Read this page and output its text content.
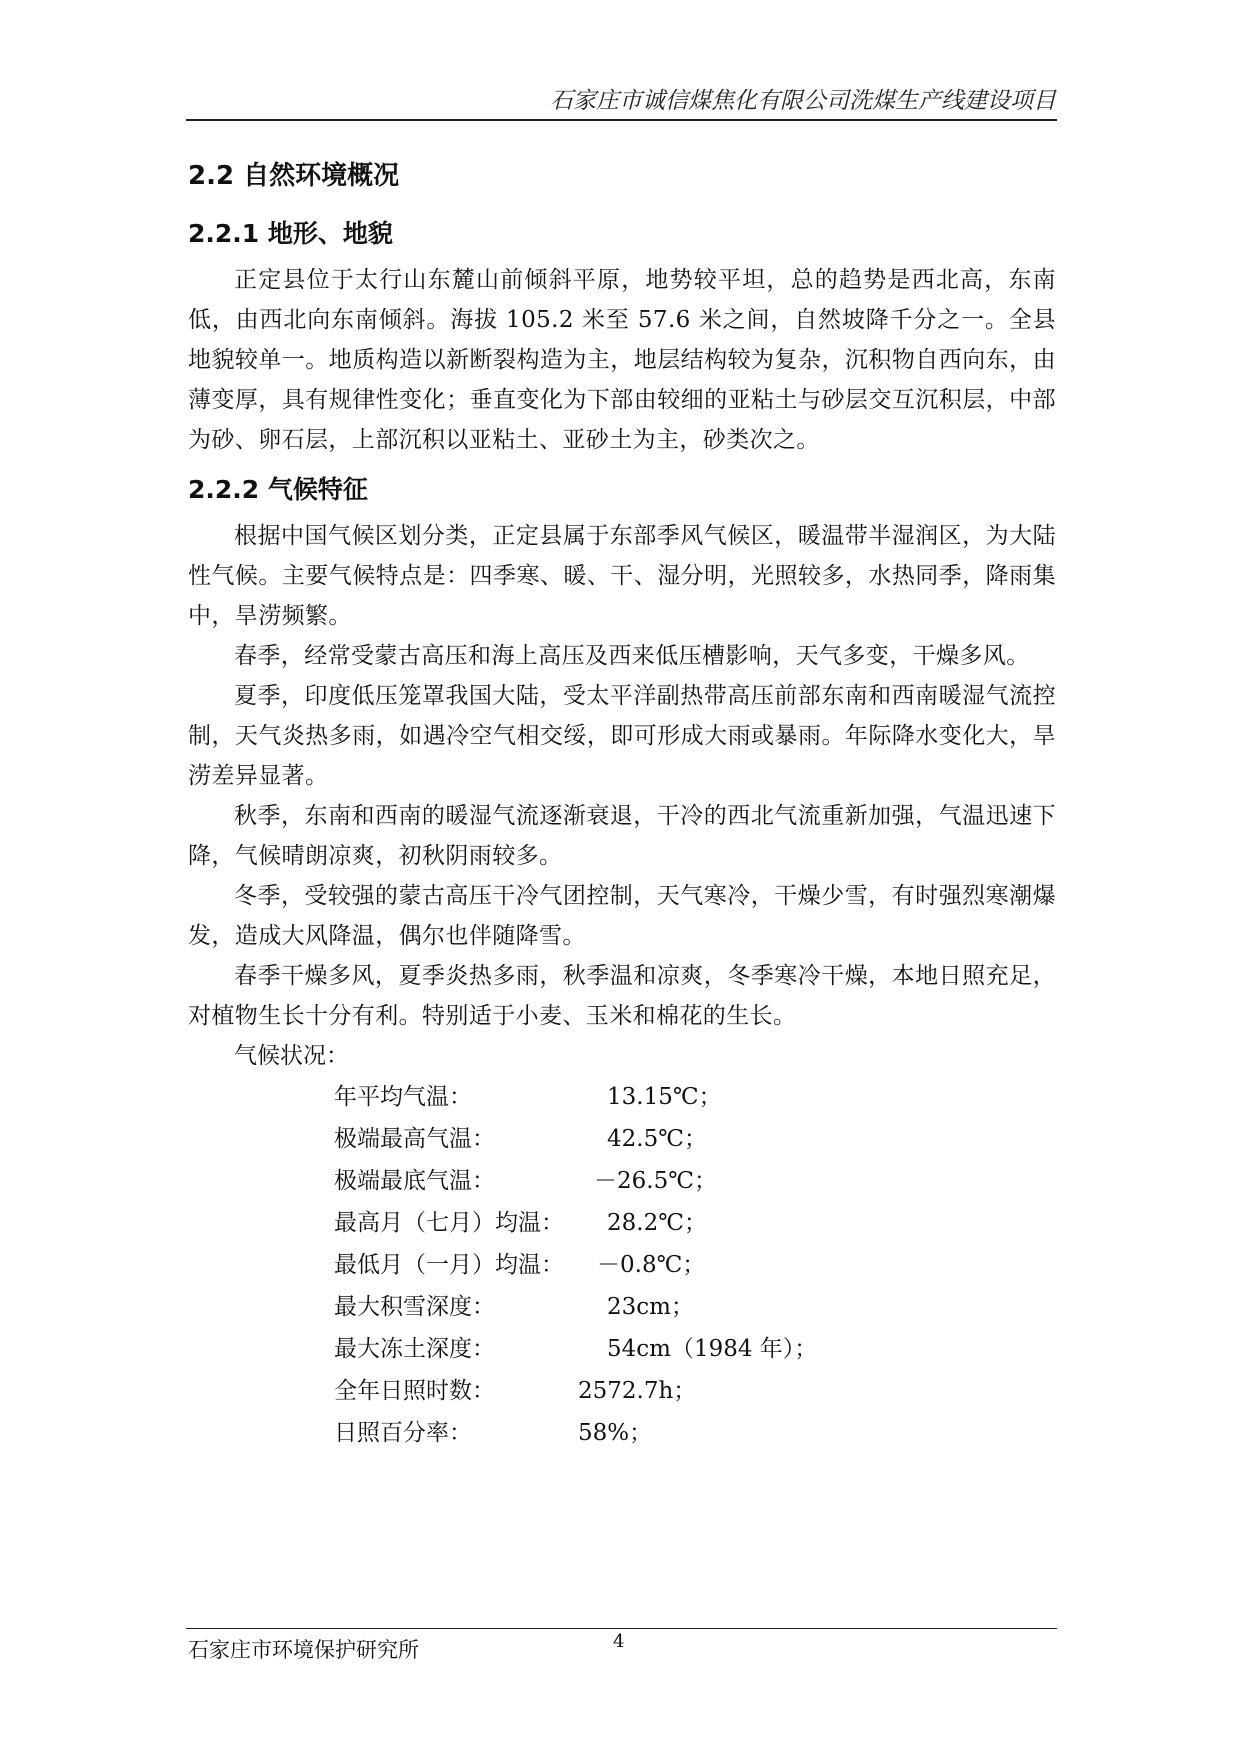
石家庄市诚信煤焦化有限公司洗煤生产线建设项目
2.2 自然环境概况
2.2.1 地形、地貌

正定县位于太行山东麓山前倾斜平原，地势较平坦，总的趋势是西北高，东南低，由西北向东南倾斜。海拔 105.2 米至 57.6 米之间，自然坡降千分之一。全县地貌较单一。地质构造以新断裂构造为主，地层结构较为复杂，沉积物自西向东，由薄变厚，具有规律性变化；垂直变化为下部由较细的亚粘土与砂层交互沉积层，中部为砂、卵石层，上部沉积以亚粘土、亚砂土为主，砂类次之。

2.2.2 气候特征

根据中国气候区划分类，正定县属于东部季风气候区，暖温带半湿润区，为大陆性气候。主要气候特点是：四季寒、暖、干、湿分明，光照较多，水热同季，降雨集中，旱涝频繁。

春季，经常受蒙古高压和海上高压及西来低压槽影响，天气多变，干燥多风。

夏季，印度低压笼罩我国大陆，受太平洋副热带高压前部东南和西南暖湿气流控制，天气炎热多雨，如遇冷空气相交绥，即可形成大雨或暴雨。年际降水变化大，旱涝差异显著。

秋季，东南和西南的暖湿气流逐渐衰退，干冷的西北气流重新加强，气温迅速下降，气候晴朗凉爽，初秋阴雨较多。

冬季，受较强的蒙古高压干冷气团控制，天气寒冷，干燥少雪，有时强烈寒潮爆发，造成大风降温，偶尔也伴随降雪。

春季干燥多风，夏季炎热多雨，秋季温和凉爽，冬季寒冷干燥，本地日照充足，对植物生长十分有利。特别适于小麦、玉米和棉花的生长。

气候状况：

年平均气温：	13.15℃；
极端最高气温：	42.5℃；
极端最底气温：	－26.5℃；
最高月（七月）均温：	28.2℃；
最低月（一月）均温：	－0.8℃；
最大积雪深度：	23cm；
最大冻土深度：	54cm（1984 年）；
全年日照时数：	2572.7h；
日照百分率：	58%；
石家庄市环境保护研究所	4
